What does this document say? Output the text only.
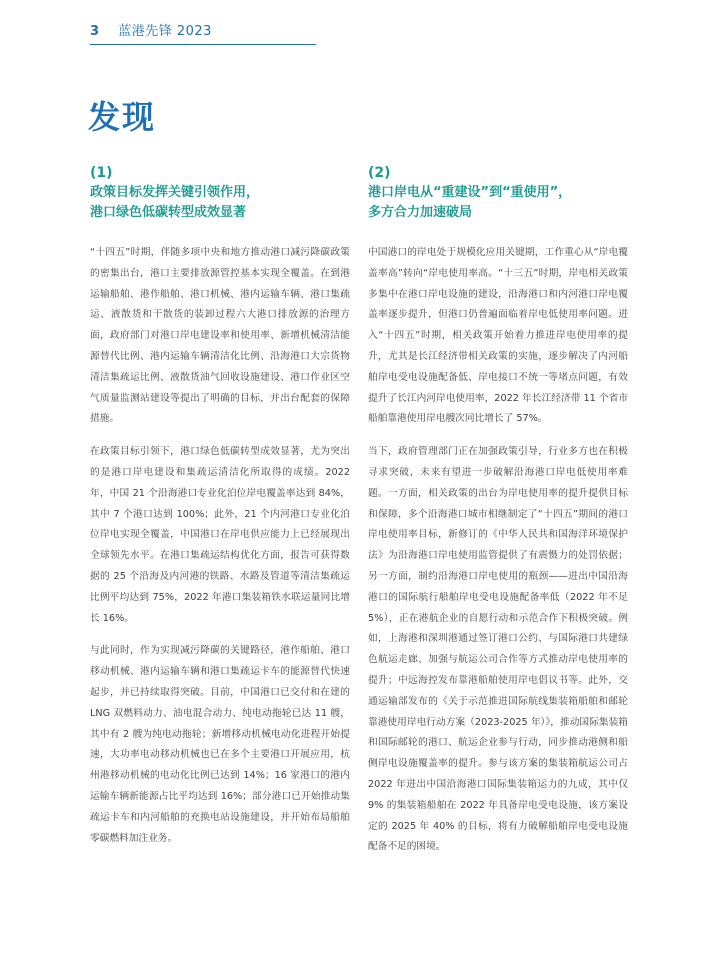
3 蓝港先锋 2023
发现
(1)
政策目标发挥关键引领作用，
港口绿色低碳转型成效显著

“十四五”时期，伴随多项中央和地方推动港口减污降碳政策的密集出台，港口主要排放源管控基本实现全覆盖。在到港运输船舶、港作船舶、港口机械、港内运输车辆、港口集疏运、液散货和干散货的装卸过程六大港口排放源的治理方面，政府部门对港口岸电建设率和使用率、新增机械清洁能源替代比例、港内运输车辆清洁化比例、沿海港口大宗货物清洁集疏运比例、液散货油气回收设施建设、港口作业区空气质量监测站建设等提出了明确的目标，并出台配套的保障措施。

在政策目标引领下，港口绿色低碳转型成效显著，尤为突出的是港口岸电建设和集疏运清洁化所取得的成绩。2022 年，中国 21 个沿海港口专业化泊位岸电覆盖率达到 84%，其中 7 个港口达到 100%；此外，21 个内河港口专业化泊位岸电实现全覆盖，中国港口在岸电供应能力上已经展现出全球领先水平。在港口集疏运结构优化方面，报告可获得数据的 25 个沿海及内河港的铁路、水路及管道等清洁集疏运比例平均达到 75%，2022 年港口集装箱铁水联运量同比增长 16%。

与此同时，作为实现减污降碳的关键路径，港作船舶、港口移动机械、港内运输车辆和港口集疏运卡车的能源替代快速起步，并已持续取得突破。目前，中国港口已交付和在建的 LNG 双燃料动力、油电混合动力、纯电动拖轮已达 11 艘，其中有 2 艘为纯电动拖轮；新增移动机械电动化进程开始提速，大功率电动移动机械也已在多个主要港口开展应用，杭州港移动机械的电动化比例已达到 14%；16 家港口的港内运输车辆新能源占比平均达到 16%；部分港口已开始推动集疏运卡车和内河船舶的充换电站设施建设，并开始布局船舶零碳燃料加注业务。

(2)
港口岸电从“重建设”到“重使用”，
多方合力加速破局

中国港口的岸电处于规模化应用关键期，工作重心从“岸电覆盖率高”转向“岸电使用率高。“十三五”时期，岸电相关政策多集中在港口岸电设施的建设，沿海港口和内河港口岸电覆盖率逐步提升，但港口仍普遍面临着岸电低使用率问题。进入“十四五”时期，相关政策开始着力推进岸电使用率的提升，尤其是长江经济带相关政策的实施，逐步解决了内河船舶岸电受电设施配备低、岸电接口不统一等堵点问题，有效提升了长江内河岸电使用率，2022 年长江经济带 11 个省市船舶靠港使用岸电艘次同比增长了 57%。

当下，政府管理部门正在加强政策引导，行业多方也在积极寻求突破，未来有望进一步破解沿海港口岸电低使用率难题。一方面，相关政策的出台为岸电使用率的提升提供目标和保障，多个沿海港口城市相继制定了“十四五”期间的港口岸电使用率目标，新修订的《中华人民共和国海洋环境保护法》为沿海港口岸电使用监管提供了有震慑力的处罚依据；另一方面，制约沿海港口岸电使用的瓶颈——进出中国沿海港口的国际航行船舶岸电受电设施配备率低（2022 年不足 5%），正在港航企业的自愿行动和示范合作下积极突破。例如，上海港和深圳港通过签订港口公约、与国际港口共建绿色航运走廊、加强与航运公司合作等方式推动岸电使用率的提升；中远海控发布靠港船舶使用岸电倡议书等。此外，交通运输部发布的《关于示范推进国际航线集装箱船舶和邮轮靠港使用岸电行动方案（2023-2025 年）》，推动国际集装箱和国际邮轮的港口、航运企业参与行动，同步推动港侧和船侧岸电设施覆盖率的提升。参与该方案的集装箱航运公司占 2022 年进出中国沿海港口国际集装箱运力的九成，其中仅 9% 的集装箱船舶在 2022 年具备岸电受电设施，该方案设定的 2025 年 40% 的目标，将有力破解船舶岸电受电设施配备不足的困境。
